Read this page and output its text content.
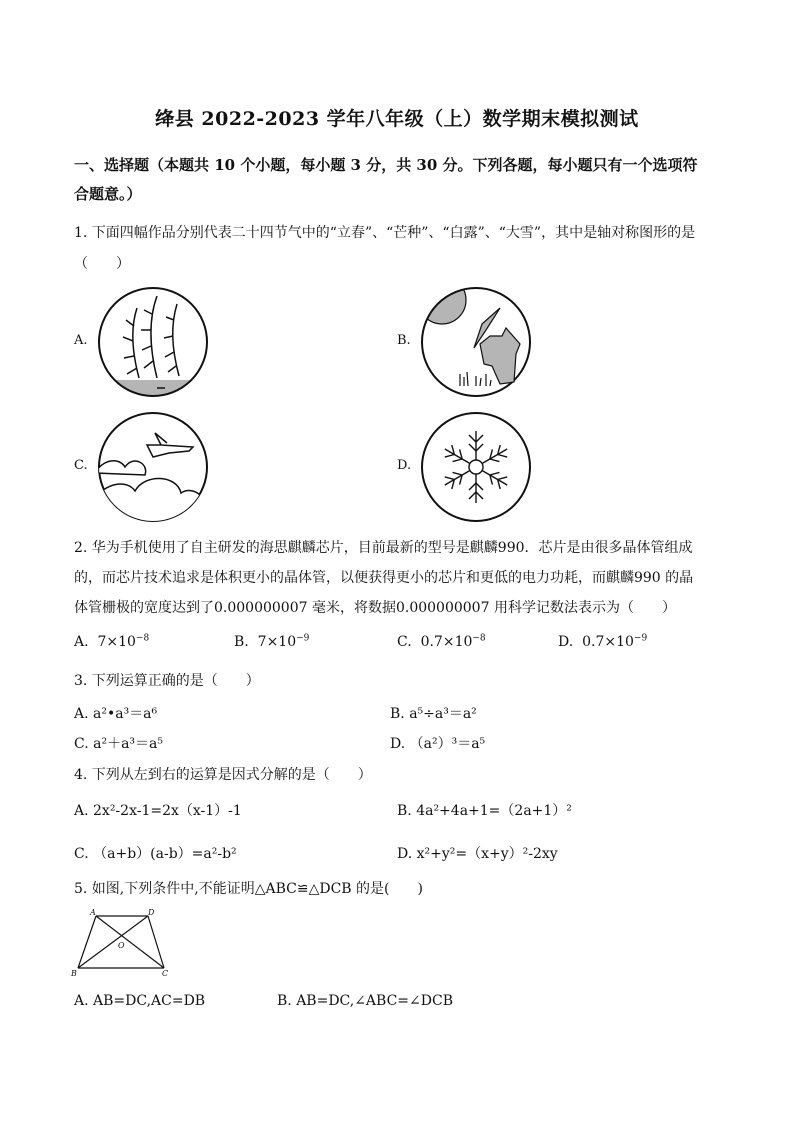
绛县 2022-2023 学年八年级（上）数学期末模拟测试
一、选择题（本题共 10 个小题，每小题 3 分，共 30 分。下列各题，每小题只有一个选项符
合题意。）
1. 下面四幅作品分别代表二十四节气中的“立春”、“芒种”、“白露”、“大雪”，其中是轴对称图形的是
（　　）
A.	B.
C.	D.
2. 华为手机使用了自主研发的海思麒麟芯片，目前最新的型号是麒麟990．芯片是由很多晶体管组成
的，而芯片技术追求是体积更小的晶体管，以便获得更小的芯片和更低的电力功耗，而麒麟990 的晶
体管栅极的宽度达到了0.000000007 毫米，将数据0.000000007 用科学记数法表示为（　　）
A. $7\times 10^{-8}$	B. $7\times 10^{-9}$	C. $0.7\times 10^{-8}$	D. $0.7\times 10^{-9}$
3. 下列运算正确的是（　　）
A. a²•a³＝a⁶	B. a⁵÷a³＝a²
C. a²＋a³＝a⁵	D. （a²）³＝a⁵
4. 下列从左到右的运算是因式分解的是（　　）
A. 2x²-2x-1=2x（x-1）-1	B. 4a²+4a+1=（2a+1）²
C. （a+b）(a-b）=a²-b²	D. x²+y²=（x+y）²-2xy
5. 如图,下列条件中,不能证明△ABC≌△DCB 的是(　　)
A	D
O
B	C
A. AB=DC,AC=DB	B. AB=DC,∠ABC=∠DCB
